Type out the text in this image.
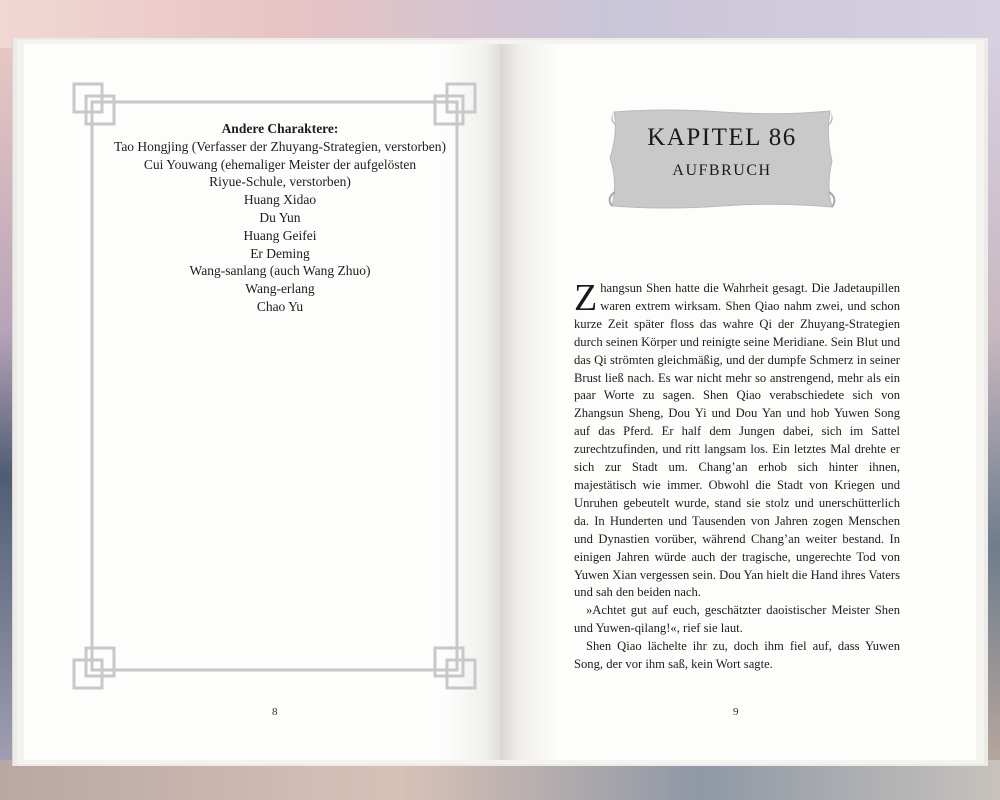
Andere Charaktere:
Tao Hongjing (Verfasser der Zhuyang-Strategien, verstorben)
Cui Youwang (ehemaliger Meister der aufgelösten
Riyue-Schule, verstorben)
Huang Xidao
Du Yun
Huang Geifei
Er Deming
Wang-sanlang (auch Wang Zhuo)
Wang-erlang
Chao Yu
8
KAPITEL 86
AUFBRUCH

Zhangsun Shen hatte die Wahrheit gesagt. Die Jadetaupillen waren extrem wirksam. Shen Qiao nahm zwei, und schon kurze Zeit später floss das wahre Qi der Zhuyang-Strategien durch seinen Körper und reinigte seine Meridiane. Sein Blut und das Qi strömten gleichmäßig, und der dumpfe Schmerz in seiner Brust ließ nach. Es war nicht mehr so anstrengend, mehr als ein paar Worte zu sagen. Shen Qiao verabschiedete sich von Zhangsun Sheng, Dou Yi und Dou Yan und hob Yuwen Song auf das Pferd. Er half dem Jungen dabei, sich im Sattel zurechtzufinden, und ritt langsam los. Ein letztes Mal drehte er sich zur Stadt um. Chang’an erhob sich hinter ihnen, majestätisch wie immer. Obwohl die Stadt von Kriegen und Unruhen gebeutelt wurde, stand sie stolz und unerschütterlich da. In Hunderten und Tausenden von Jahren zogen Menschen und Dynastien vorüber, während Chang’an weiter bestand. In einigen Jahren würde auch der tragische, ungerechte Tod von Yuwen Xian vergessen sein. Dou Yan hielt die Hand ihres Vaters und sah den beiden nach.

»Achtet gut auf euch, geschätzter daoistischer Meister Shen und Yuwen-qilang!«, rief sie laut.

Shen Qiao lächelte ihr zu, doch ihm fiel auf, dass Yuwen Song, der vor ihm saß, kein Wort sagte.

9
